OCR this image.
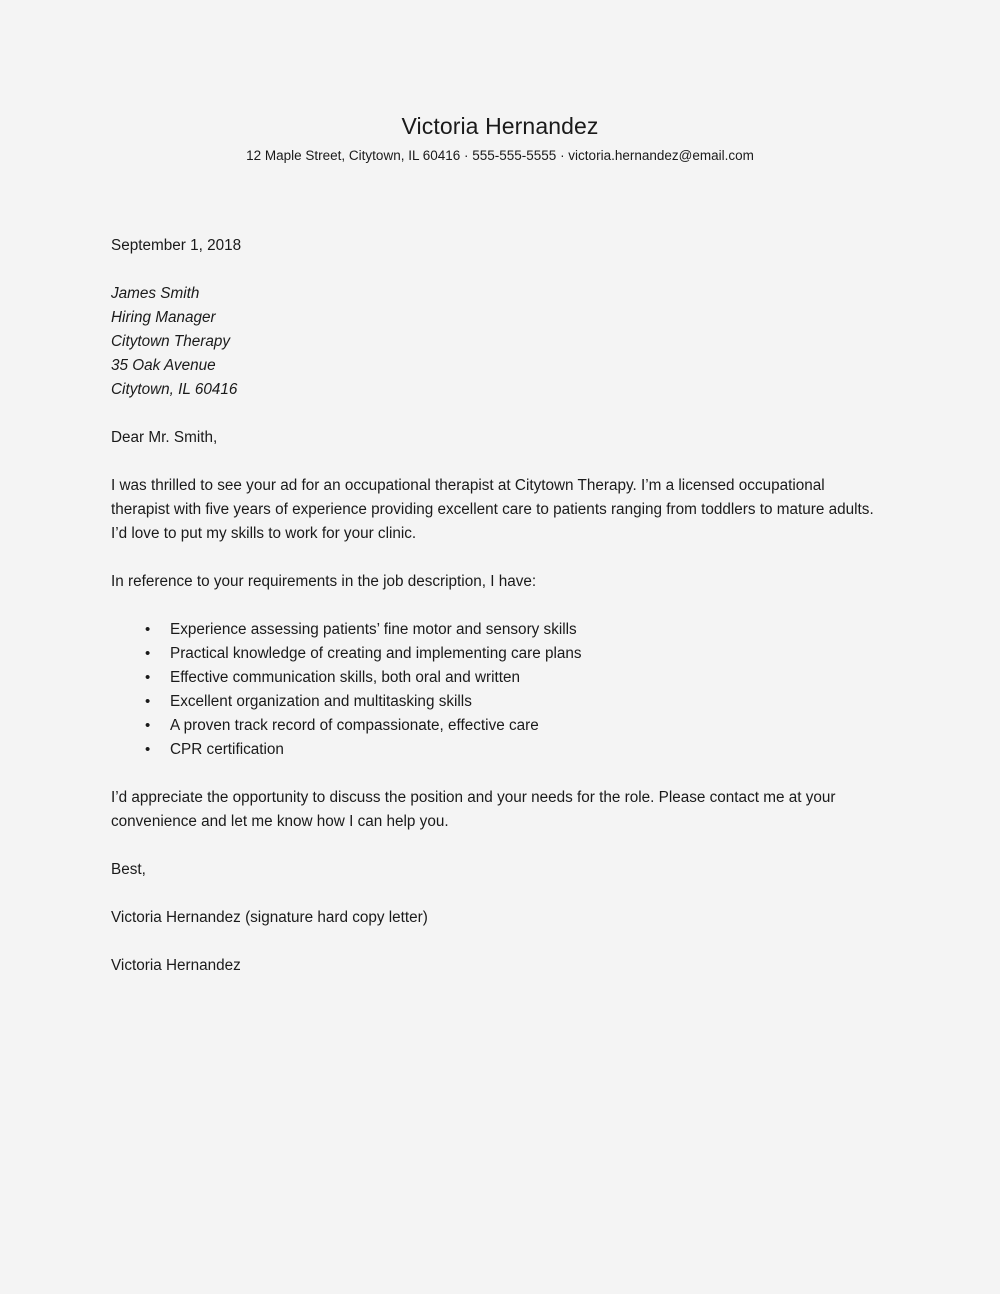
Victoria Hernandez

12 Maple Street, Citytown, IL 60416 · 555-555-5555 · victoria.hernandez@email.com

September 1, 2018

James Smith
Hiring Manager
Citytown Therapy
35 Oak Avenue
Citytown, IL 60416

Dear Mr. Smith,

I was thrilled to see your ad for an occupational therapist at Citytown Therapy. I’m a licensed occupational therapist with five years of experience providing excellent care to patients ranging from toddlers to mature adults. I’d love to put my skills to work for your clinic.

In reference to your requirements in the job description, I have:

• Experience assessing patients’ fine motor and sensory skills
• Practical knowledge of creating and implementing care plans
• Effective communication skills, both oral and written
• Excellent organization and multitasking skills
• A proven track record of compassionate, effective care
• CPR certification

I’d appreciate the opportunity to discuss the position and your needs for the role. Please contact me at your convenience and let me know how I can help you.

Best,

Victoria Hernandez (signature hard copy letter)

Victoria Hernandez
